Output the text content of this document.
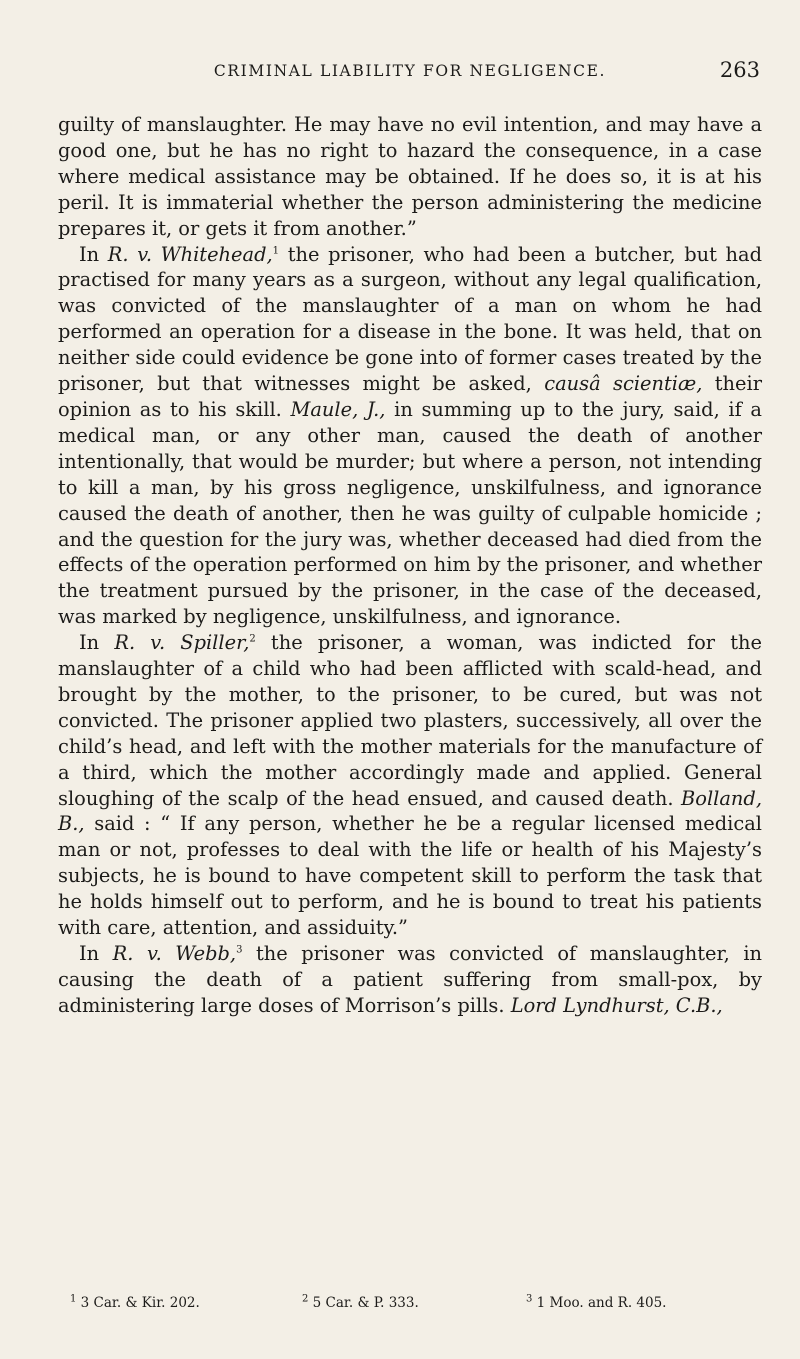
CRIMINAL LIABILITY FOR NEGLIGENCE.	263

guilty of manslaughter. He may have no evil intention, and may have a good one, but he has no right to hazard the consequence, in a case where medical assistance may be obtained. If he does so, it is at his peril. It is immaterial whether the person administering the medicine prepares it, or gets it from another.”

In R. v. Whitehead,$^1$ the prisoner, who had been a butcher, but had practised for many years as a surgeon, without any legal qualification, was convicted of the manslaughter of a man on whom he had performed an operation for a disease in the bone. It was held, that on neither side could evidence be gone into of former cases treated by the prisoner, but that witnesses might be asked, causâ scientiæ, their opinion as to his skill. Maule, J., in summing up to the jury, said, if a medical man, or any other man, caused the death of another intentionally, that would be murder; but where a person, not intending to kill a man, by his gross negligence, unskilfulness, and ignorance caused the death of another, then he was guilty of culpable homicide ; and the question for the jury was, whether deceased had died from the effects of the operation performed on him by the prisoner, and whether the treatment pursued by the prisoner, in the case of the deceased, was marked by negligence, unskilfulness, and ignorance.

In R. v. Spiller,$^2$ the prisoner, a woman, was indicted for the manslaughter of a child who had been afflicted with scald-head, and brought by the mother, to the prisoner, to be cured, but was not convicted. The prisoner applied two plasters, successively, all over the child’s head, and left with the mother materials for the manufacture of a third, which the mother accordingly made and applied. General sloughing of the scalp of the head ensued, and caused death. Bolland, B., said : “ If any person, whether he be a regular licensed medical man or not, professes to deal with the life or health of his Majesty’s subjects, he is bound to have competent skill to perform the task that he holds himself out to perform, and he is bound to treat his patients with care, attention, and assiduity.”

In R. v. Webb,$^3$ the prisoner was convicted of manslaughter, in causing the death of a patient suffering from small-pox, by administering large doses of Morrison’s pills. Lord Lyndhurst, C.B.,

$^1$ 3 Car. & Kir. 202.	$^2$ 5 Car. & P. 333.	$^3$ 1 Moo. and R. 405.
